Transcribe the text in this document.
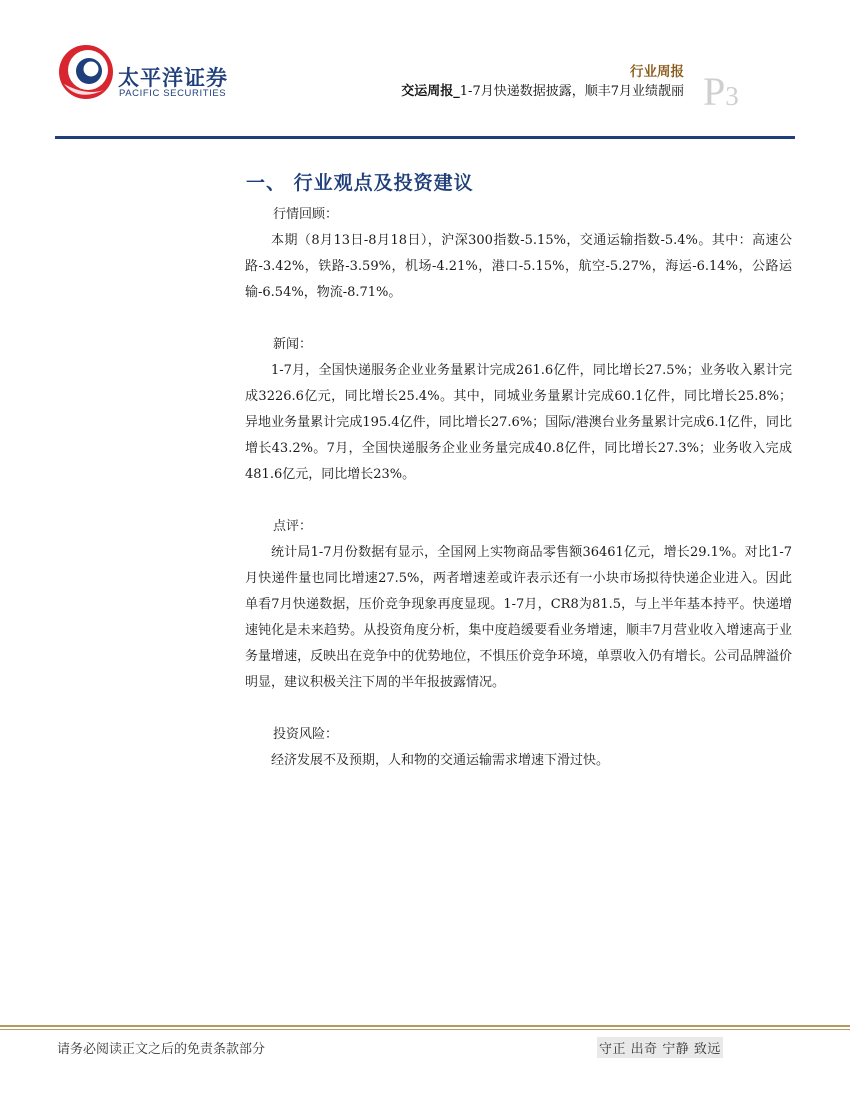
太平洋证券
PACIFIC SECURITIES
行业周报
交运周报_1-7月快递数据披露，顺丰7月业绩靓丽 P3
一、 行业观点及投资建议

行情回顾：

本期（8月13日-8月18日），沪深300指数-5.15%，交通运输指数-5.4%。其中：高速公路-3.42%，铁路-3.59%，机场-4.21%，港口-5.15%，航空-5.27%，海运-6.14%，公路运输-6.54%，物流-8.71%。

新闻：

1-7月，全国快递服务企业业务量累计完成261.6亿件，同比增长27.5%；业务收入累计完成3226.6亿元，同比增长25.4%。其中，同城业务量累计完成60.1亿件，同比增长25.8%；异地业务量累计完成195.4亿件，同比增长27.6%；国际/港澳台业务量累计完成6.1亿件，同比增长43.2%。7月，全国快递服务企业业务量完成40.8亿件，同比增长27.3%；业务收入完成481.6亿元，同比增长23%。

点评：

统计局1-7月份数据有显示，全国网上实物商品零售额36461亿元，增长29.1%。对比1-7月快递件量也同比增速27.5%，两者增速差或许表示还有一小块市场拟待快递企业进入。因此单看7月快递数据，压价竞争现象再度显现。1-7月，CR8为81.5，与上半年基本持平。快递增速钝化是未来趋势。从投资角度分析，集中度趋缓要看业务增速，顺丰7月营业收入增速高于业务量增速，反映出在竞争中的优势地位，不惧压价竞争环境，单票收入仍有增长。公司品牌溢价明显，建议积极关注下周的半年报披露情况。

投资风险：

经济发展不及预期，人和物的交通运输需求增速下滑过快。

请务必阅读正文之后的免责条款部分	守正 出奇 宁静 致远
